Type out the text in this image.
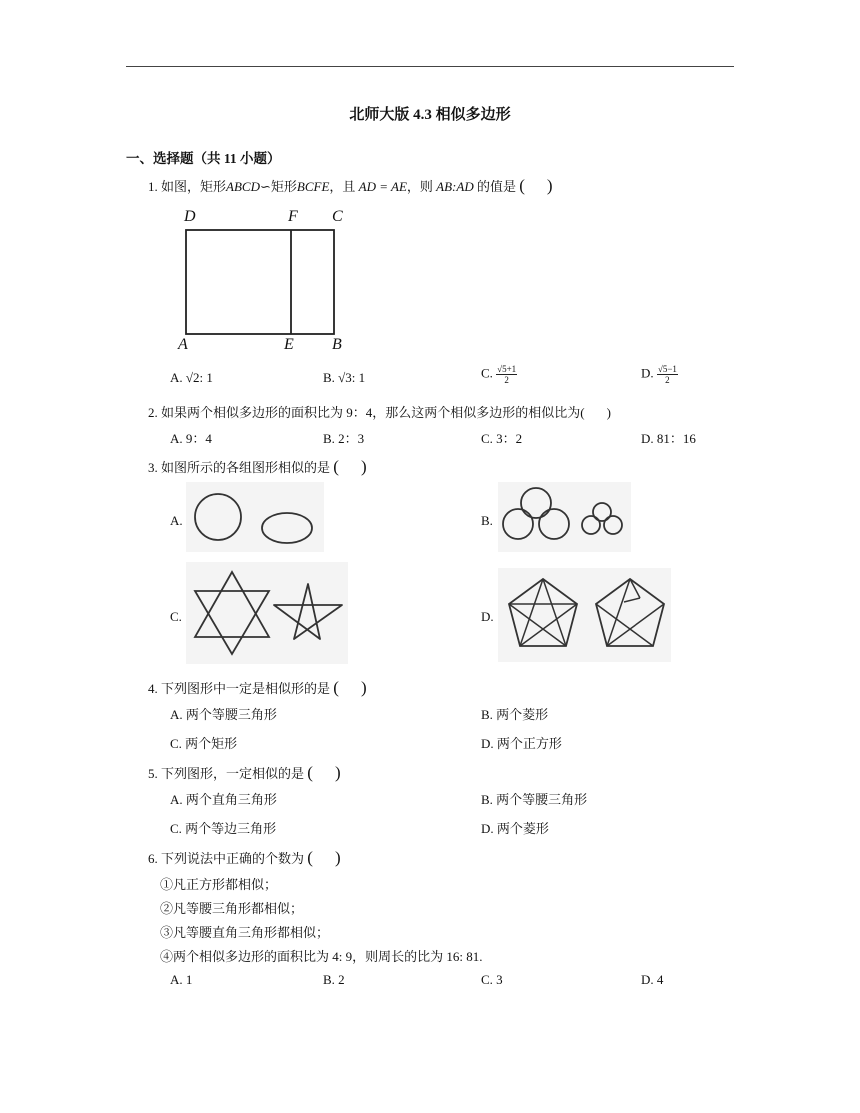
北师大版 4.3 相似多边形
一、选择题（共 11 小题）
1. 如图，矩形ABCD∽矩形BCFE，且 AD = AE，则 AB:AD 的值是 ( )
D	F C
A	E B
A. √2: 1	B. √3: 1	C. $\frac{√5+1}{2}$	D. $\frac{√5-1}{2}$
2. 如果两个相似多边形的面积比为 9：4，那么这两个相似多边形的相似比为( )
A. 9：4	B. 2：3	C. 3：2	D. 81：16
3. 如图所示的各组图形相似的是 ( )
A.	B.
C.	D.
4. 下列图形中一定是相似形的是 ( )
A. 两个等腰三角形	B. 两个菱形
C. 两个矩形	D. 两个正方形
5. 下列图形，一定相似的是 ( )
A. 两个直角三角形	B. 两个等腰三角形
C. 两个等边三角形	D. 两个菱形
6. 下列说法中正确的个数为 ( )
①凡正方形都相似；
②凡等腰三角形都相似；
③凡等腰直角三角形都相似；
④两个相似多边形的面积比为 4: 9，则周长的比为 16: 81.
A. 1	B. 2	C. 3	D. 4
